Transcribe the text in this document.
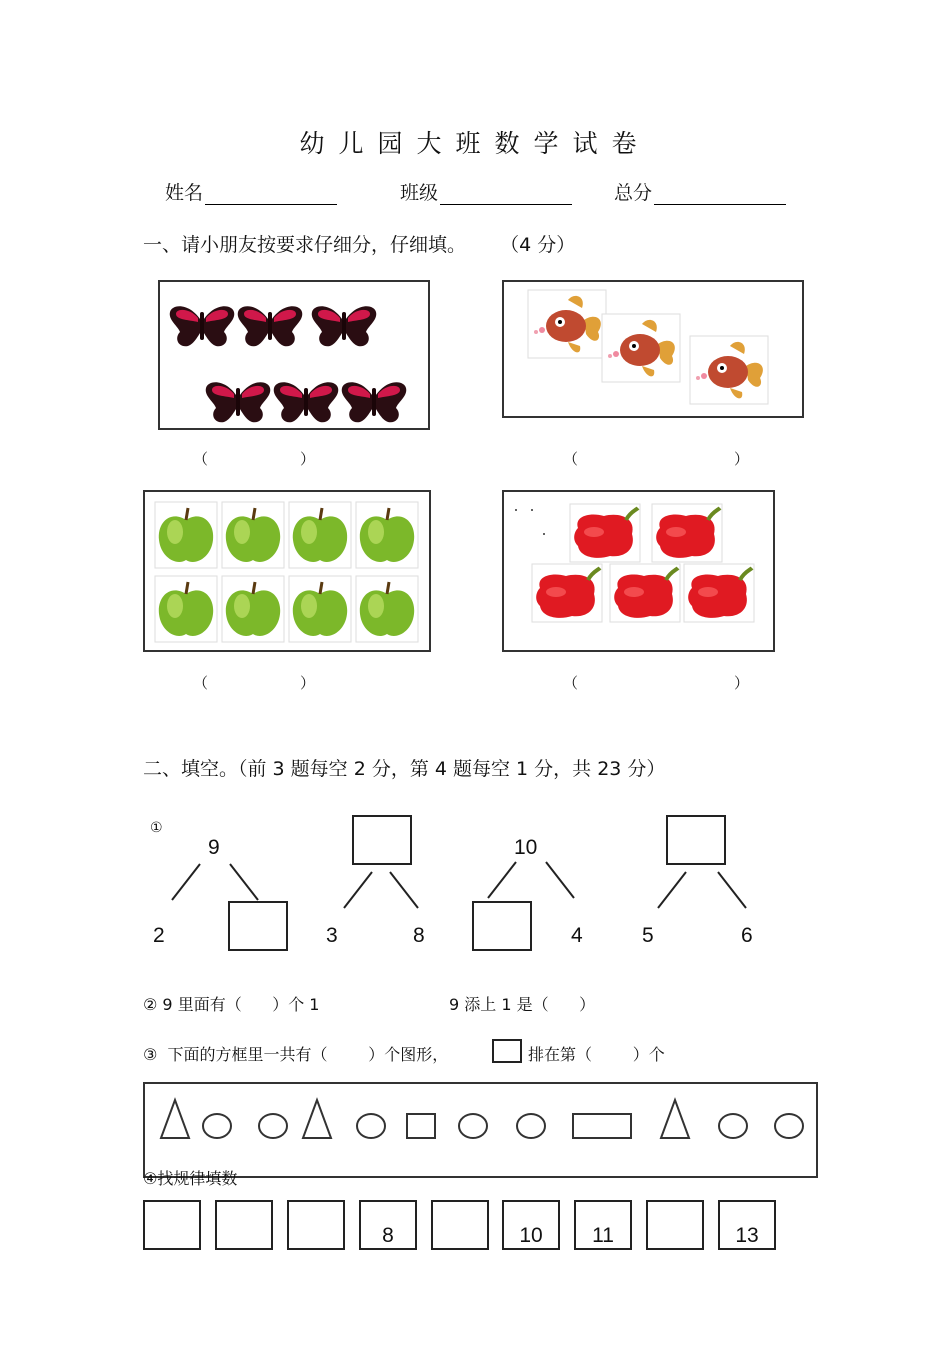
幼儿园大班数学试卷
姓名	班级	总分
一、请小朋友按要求仔细分，仔细填。 （4 分）
（	）	（	）
（	）	（	）
二、填空。（前 3 题每空 2 分，第 4 题每空 1 分，共 23 分）
①
9
2	3	8
10
4	5	6
② 9 里面有（      ）个 1	9 添上 1 是（      ）
③  下面的方框里一共有（        ）个图形，	排在第（        ）个
④找规律填数
8	10	11	13
